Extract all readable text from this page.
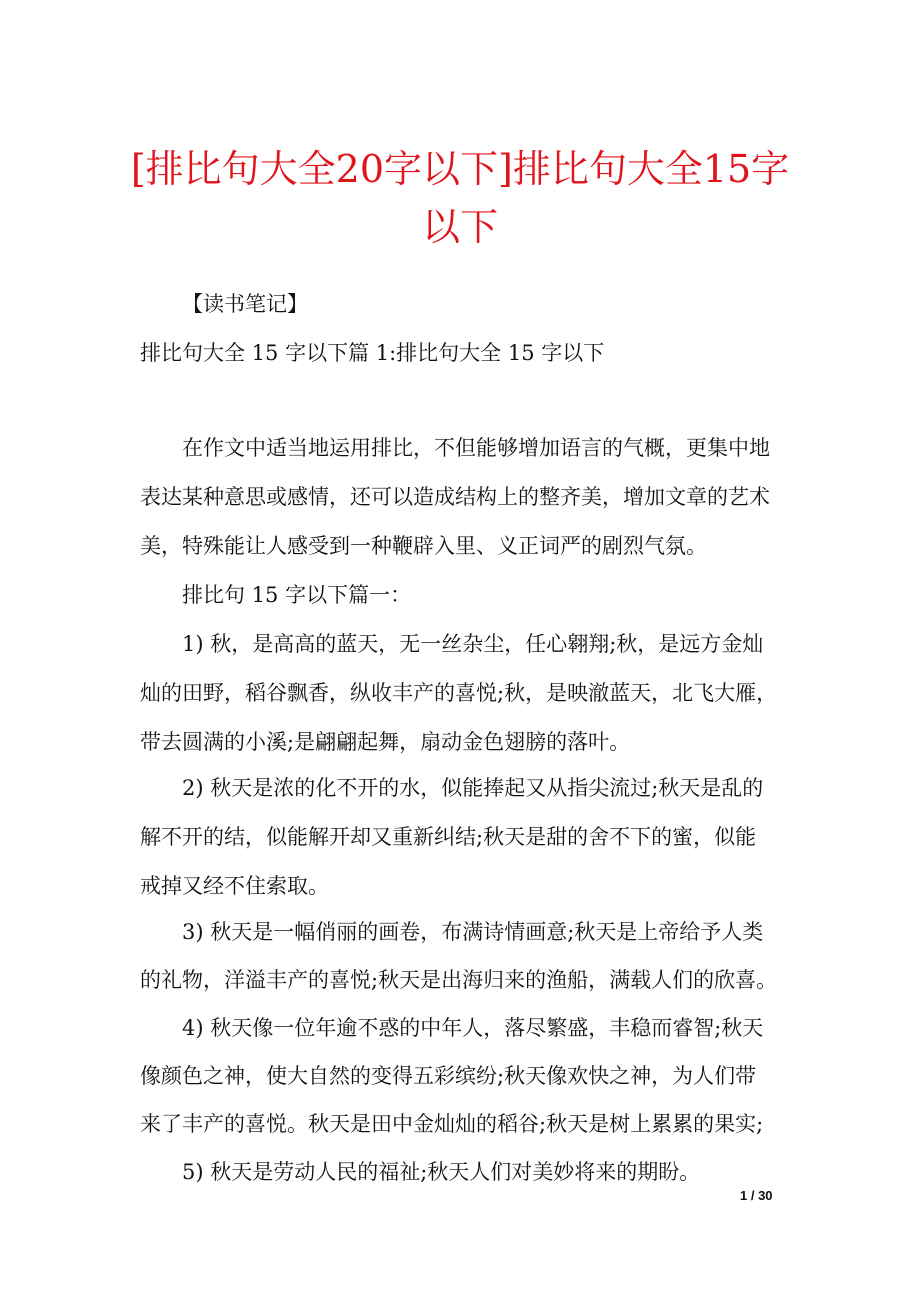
[排比句大全20字以下]排比句大全15字以下

【读书笔记】

排比句大全 15 字以下篇 1:排比句大全 15 字以下

在作文中适当地运用排比，不但能够增加语言的气概，更集中地

表达某种意思或感情，还可以造成结构上的整齐美，增加文章的艺术

美，特殊能让人感受到一种鞭辟入里、义正词严的剧烈气氛。

排比句 15 字以下篇一：

1) 秋，是高高的蓝天，无一丝杂尘，任心翱翔;秋，是远方金灿

灿的田野，稻谷飘香，纵收丰产的喜悦;秋，是映澈蓝天，北飞大雁，

带去圆满的小溪;是翩翩起舞，扇动金色翅膀的落叶。

2) 秋天是浓的化不开的水，似能捧起又从指尖流过;秋天是乱的

解不开的结，似能解开却又重新纠结;秋天是甜的舍不下的蜜，似能

戒掉又经不住索取。

3) 秋天是一幅俏丽的画卷，布满诗情画意;秋天是上帝给予人类

的礼物，洋溢丰产的喜悦;秋天是出海归来的渔船，满载人们的欣喜。

4) 秋天像一位年逾不惑的中年人，落尽繁盛，丰稳而睿智;秋天

像颜色之神，使大自然的变得五彩缤纷;秋天像欢快之神，为人们带

来了丰产的喜悦。秋天是田中金灿灿的稻谷;秋天是树上累累的果实;

5) 秋天是劳动人民的福祉;秋天人们对美妙将来的期盼。

1 / 30
